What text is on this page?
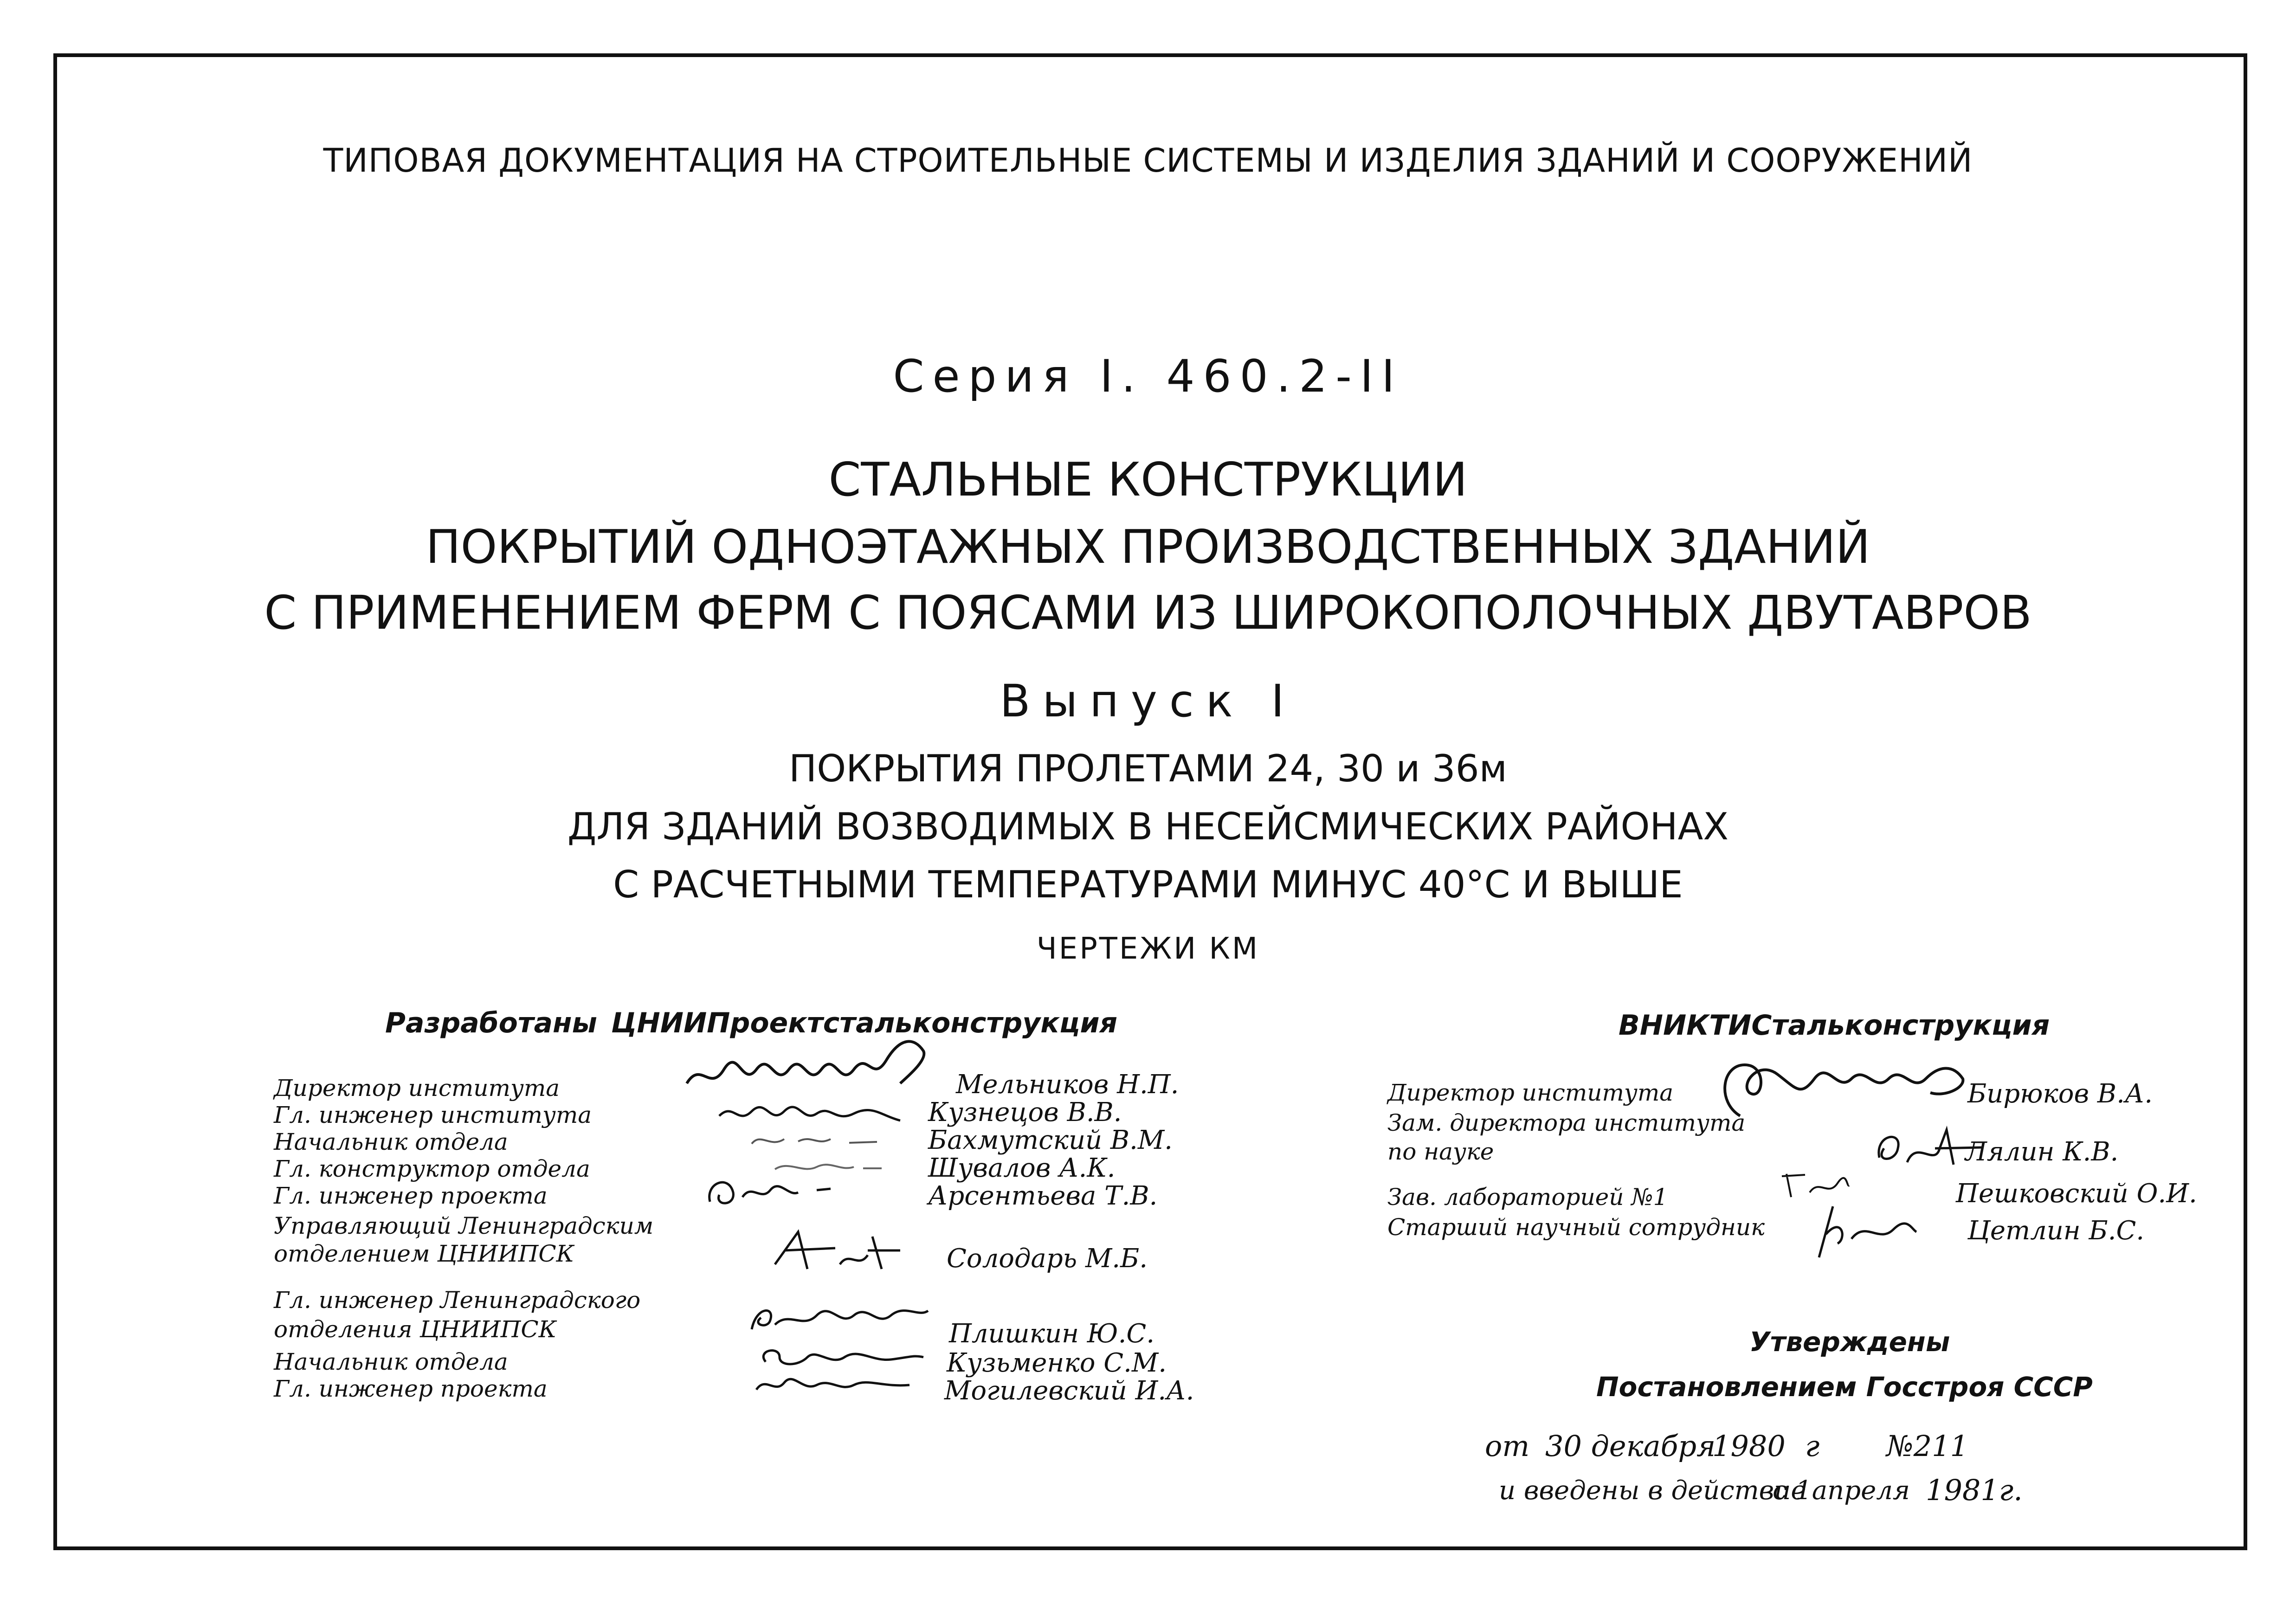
ТИПОВАЯ ДОКУМЕНТАЦИЯ НА СТРОИТЕЛЬНЫЕ СИСТЕМЫ И ИЗДЕЛИЯ ЗДАНИЙ И СООРУЖЕНИЙ
Серия I. 460.2-II
СТАЛЬНЫЕ КОНСТРУКЦИИ
ПОКРЫТИЙ ОДНОЭТАЖНЫХ ПРОИЗВОДСТВЕННЫХ ЗДАНИЙ
С ПРИМЕНЕНИЕМ ФЕРМ С ПОЯСАМИ ИЗ ШИРОКОПОЛОЧНЫХ ДВУТАВРОВ
Выпуск I
ПОКРЫТИЯ ПРОЛЕТАМИ 24, 30 и 36м
ДЛЯ ЗДАНИЙ ВОЗВОДИМЫХ В НЕСЕЙСМИЧЕСКИХ РАЙОНАХ
С РАСЧЕТНЫМИ ТЕМПЕРАТУРАМИ МИНУС 40°С И ВЫШЕ
ЧЕРТЕЖИ КМ
Разработаны ЦНИИПроектстальконструкция	ВНИКТИСтальконструкция
Директор института
Гл. инженер института
Начальник отдела
Гл. конструктор отдела
Гл. инженер проекта
Управляющий Ленинградским
отделением ЦНИИПСК
Гл. инженер Ленинградского
отделения ЦНИИПСК
Начальник отдела
Гл. инженер проекта
Мельников Н.П.
Кузнецов В.В.
Бахмутский В.М.
Шувалов А.К.
Арсентьева Т.В.
Солодарь М.Б.
Плишкин Ю.С.
Кузьменко С.М.
Могилевский И.А.
Директор института
Зам. директора института
по науке
Зав. лабораторией №1
Старший научный сотрудник
Бирюков В.А.
Лялин К.В.
Пешковский О.И.
Цетлин Б.С.
Утверждены
Постановлением Госстроя СССР
от 30 декабря
1980 г №211
и введены в действие
с 1апреля 1981г.
